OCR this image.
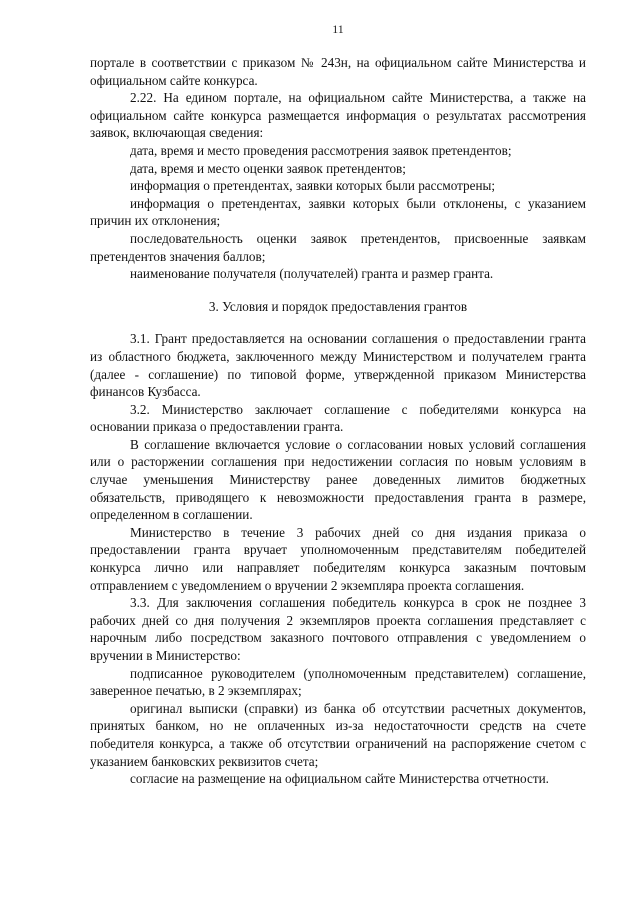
11

портале в соответствии с приказом № 243н, на официальном сайте Министерства и официальном сайте конкурса.

2.22. На едином портале, на официальном сайте Министерства, а также на официальном сайте конкурса размещается информация о результатах рассмотрения заявок, включающая сведения:

дата, время и место проведения рассмотрения заявок претендентов;

дата, время и место оценки заявок претендентов;

информация о претендентах, заявки которых были рассмотрены;

информация о претендентах, заявки которых были отклонены, с указанием причин их отклонения;

последовательность оценки заявок претендентов, присвоенные заявкам претендентов значения баллов;

наименование получателя (получателей) гранта и размер гранта.

3. Условия и порядок предоставления грантов

3.1. Грант предоставляется на основании соглашения о предоставлении гранта из областного бюджета, заключенного между Министерством и получателем гранта (далее - соглашение) по типовой форме, утвержденной приказом Министерства финансов Кузбасса.

3.2. Министерство заключает соглашение с победителями конкурса на основании приказа о предоставлении гранта.

В соглашение включается условие о согласовании новых условий соглашения или о расторжении соглашения при недостижении согласия по новым условиям в случае уменьшения Министерству ранее доведенных лимитов бюджетных обязательств, приводящего к невозможности предоставления гранта в размере, определенном в соглашении.

Министерство в течение 3 рабочих дней со дня издания приказа о предоставлении гранта вручает уполномоченным представителям победителей конкурса лично или направляет победителям конкурса заказным почтовым отправлением с уведомлением о вручении 2 экземпляра проекта соглашения.

3.3. Для заключения соглашения победитель конкурса в срок не позднее 3 рабочих дней со дня получения 2 экземпляров проекта соглашения представляет с нарочным либо посредством заказного почтового отправления с уведомлением о вручении в Министерство:

подписанное руководителем (уполномоченным представителем) соглашение, заверенное печатью, в 2 экземплярах;

оригинал выписки (справки) из банка об отсутствии расчетных документов, принятых банком, но не оплаченных из-за недостаточности средств на счете победителя конкурса, а также об отсутствии ограничений на распоряжение счетом с указанием банковских реквизитов счета;

согласие на размещение на официальном сайте Министерства отчетности.
